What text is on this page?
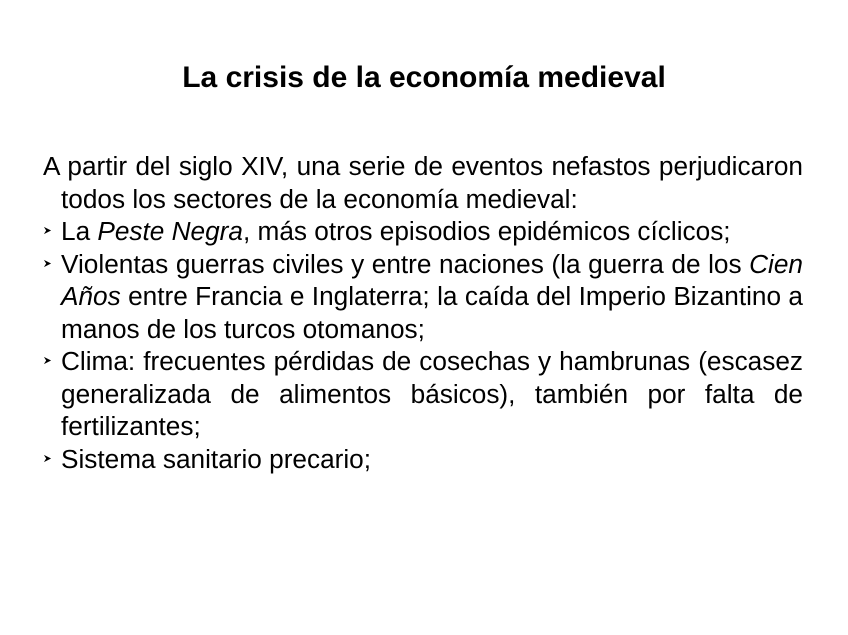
La crisis de la economía medieval

A partir del siglo XIV, una serie de eventos nefastos perjudicaron todos los sectores de la economía medieval:

La Peste Negra, más otros episodios epidémicos cíclicos;
Violentas guerras civiles y entre naciones (la guerra de los Cien Años entre Francia e Inglaterra; la caída del Imperio Bizantino a manos de los turcos otomanos;
Clima: frecuentes pérdidas de cosechas y hambrunas (escasez generalizada de alimentos básicos), también por falta de fertilizantes;
Sistema sanitario precario;
